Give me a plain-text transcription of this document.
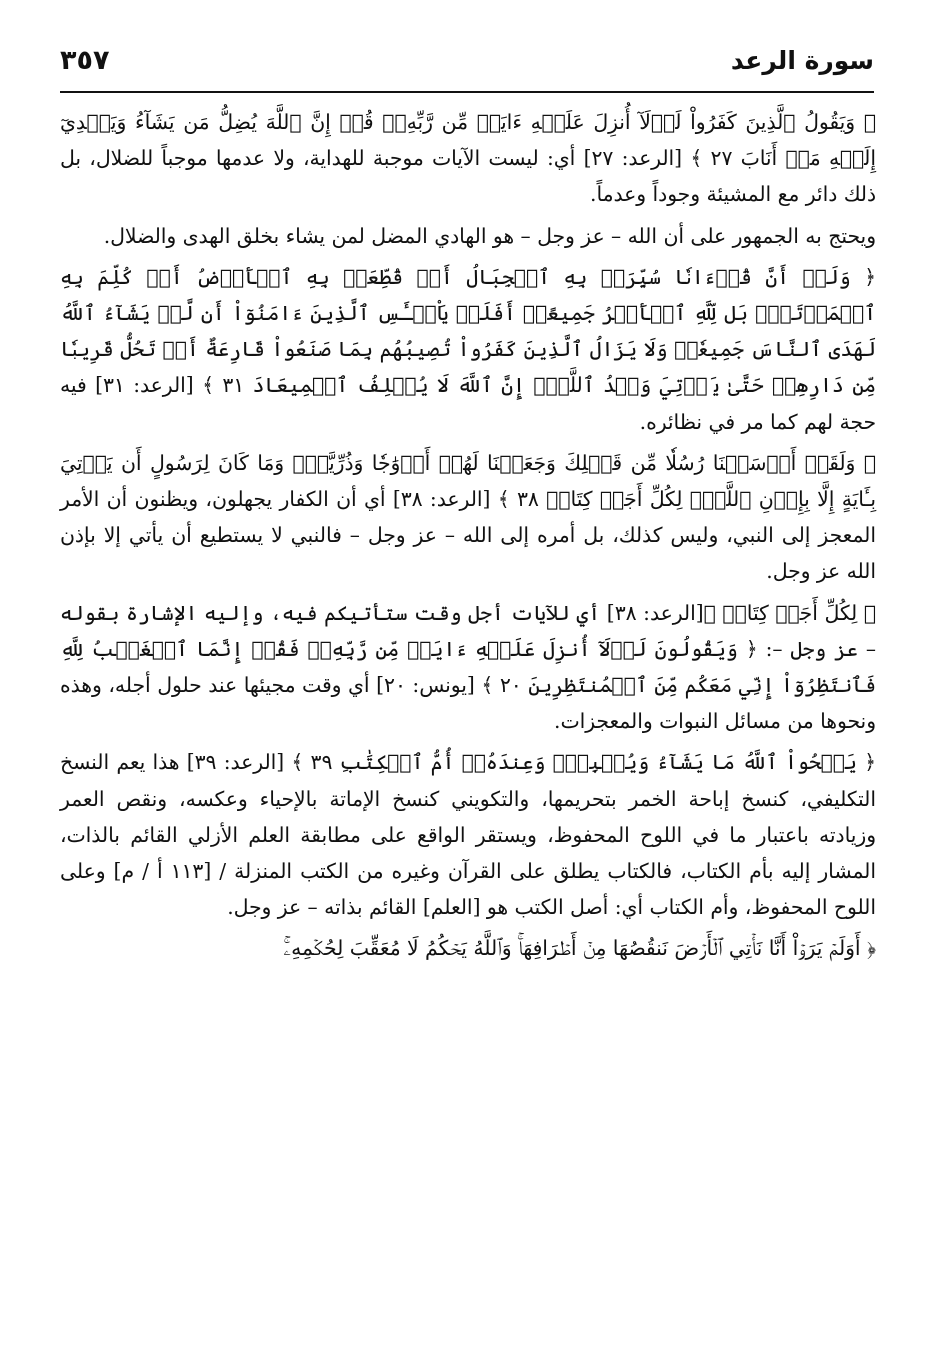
سورة الرعد
٣٥٧

﴿ وَيَقُولُ ٱلَّذِينَ كَفَرُواْ لَوۡلَآ أُنزِلَ عَلَيۡهِ ءَايَةٞ مِّن رَّبِّهِۦۗ قُلۡ إِنَّ ٱللَّهَ يُضِلُّ مَن يَشَآءُ وَيَهۡدِيٓ إِلَيۡهِ مَنۡ أَنَابَ ٢٧ ﴾ [الرعد: ٢٧] أي: ليست الآيات موجبة للهداية، ولا عدمها موجباً للضلال، بل ذلك دائر مع المشيئة وجوداً وعدماً.

ويحتج به الجمهور على أن الله – عز وجل – هو الهادي المضل لمن يشاء بخلق الهدى والضلال.

﴿ وَلَوۡ أَنَّ قُرۡءَانٗا سُيِّرَتۡ بِهِ ٱلۡجِبَالُ أَوۡ قُطِّعَتۡ بِهِ ٱلۡأَرۡضُ أَوۡ كُلِّمَ بِهِ ٱلۡمَوۡتَىٰۗ بَل لِّلَّهِ ٱلۡأَمۡرُ جَمِيعًاۗ أَفَلَمۡ يَاْيۡـَٔسِ ٱلَّذِينَ ءَامَنُوٓاْ أَن لَّوۡ يَشَآءُ ٱللَّهُ لَهَدَى ٱلنَّاسَ جَمِيعٗاۗ وَلَا يَزَالُ ٱلَّذِينَ كَفَرُواْ تُصِيبُهُم بِمَا صَنَعُواْ قَارِعَةٌ أَوۡ تَحُلُّ قَرِيبٗا مِّن دَارِهِمۡ حَتَّىٰ يَأۡتِيَ وَعۡدُ ٱللَّهِۚ إِنَّ ٱللَّهَ لَا يُخۡلِفُ ٱلۡمِيعَادَ ٣١ ﴾ [الرعد: ٣١] فيه حجة لهم كما مر في نظائره.

﴿ وَلَقَدۡ أَرۡسَلۡنَا رُسُلٗا مِّن قَبۡلِكَ وَجَعَلۡنَا لَهُمۡ أَزۡوَٰجٗا وَذُرِّيَّةٗۚ وَمَا كَانَ لِرَسُولٍ أَن يَأۡتِيَ بِـَٔايَةٍ إِلَّا بِإِذۡنِ ٱللَّهِۗ لِكُلِّ أَجَلٖ كِتَابٞ ٣٨ ﴾ [الرعد: ٣٨] أي أن الكفار يجهلون، ويظنون أن الأمر المعجز إلى النبي، وليس كذلك، بل أمره إلى الله – عز وجل – فالنبي لا يستطيع أن يأتي إلا بإذن الله عز وجل.

﴿ لِكُلِّ أَجَلٖ كِتَابٞ ﴾[الرعد: ٣٨] أي للآيات أجل وقت ستأتيكم فيه، وإليه الإشارة بقوله – عز وجل –: ﴿ وَيَقُولُونَ لَوۡلَآ أُنزِلَ عَلَيۡهِ ءَايَةٞ مِّن رَّبِّهِۦۖ فَقُلۡ إِنَّمَا ٱلۡغَيۡبُ لِلَّهِ فَٱنتَظِرُوٓاْ إِنِّي مَعَكُم مِّنَ ٱلۡمُنتَظِرِينَ ٢٠ ﴾ [يونس: ٢٠] أي وقت مجيئها عند حلول أجله، وهذه ونحوها من مسائل النبوات والمعجزات.

﴿ يَمۡحُواْ ٱللَّهُ مَا يَشَآءُ وَيُثۡبِتُۖ وَعِندَهُۥٓ أُمُّ ٱلۡكِتَٰبِ ٣٩ ﴾ [الرعد: ٣٩] هذا يعم النسخ التكليفي، كنسخ إباحة الخمر بتحريمها، والتكويني كنسخ الإماتة بالإحياء وعكسه، ونقص العمر وزيادته باعتبار ما في اللوح المحفوظ، ويستقر الواقع على مطابقة العلم الأزلي القائم بالذات، المشار إليه بأم الكتاب، فالكتاب يطلق على القرآن وغيره من الكتب المنزلة / [١١٣ أ / م] وعلى اللوح المحفوظ، وأم الكتاب أي: أصل الكتب هو [العلم] القائم بذاته – عز وجل.

﴿ أَوَلَمۡ يَرَوۡاْ أَنَّا نَأۡتِي ٱلۡأَرۡضَ نَنقُصُهَا مِنۡ أَطۡرَافِهَاۚ وَٱللَّهُ يَحۡكُمُ لَا مُعَقِّبَ لِحُكۡمِهِۦۚ
